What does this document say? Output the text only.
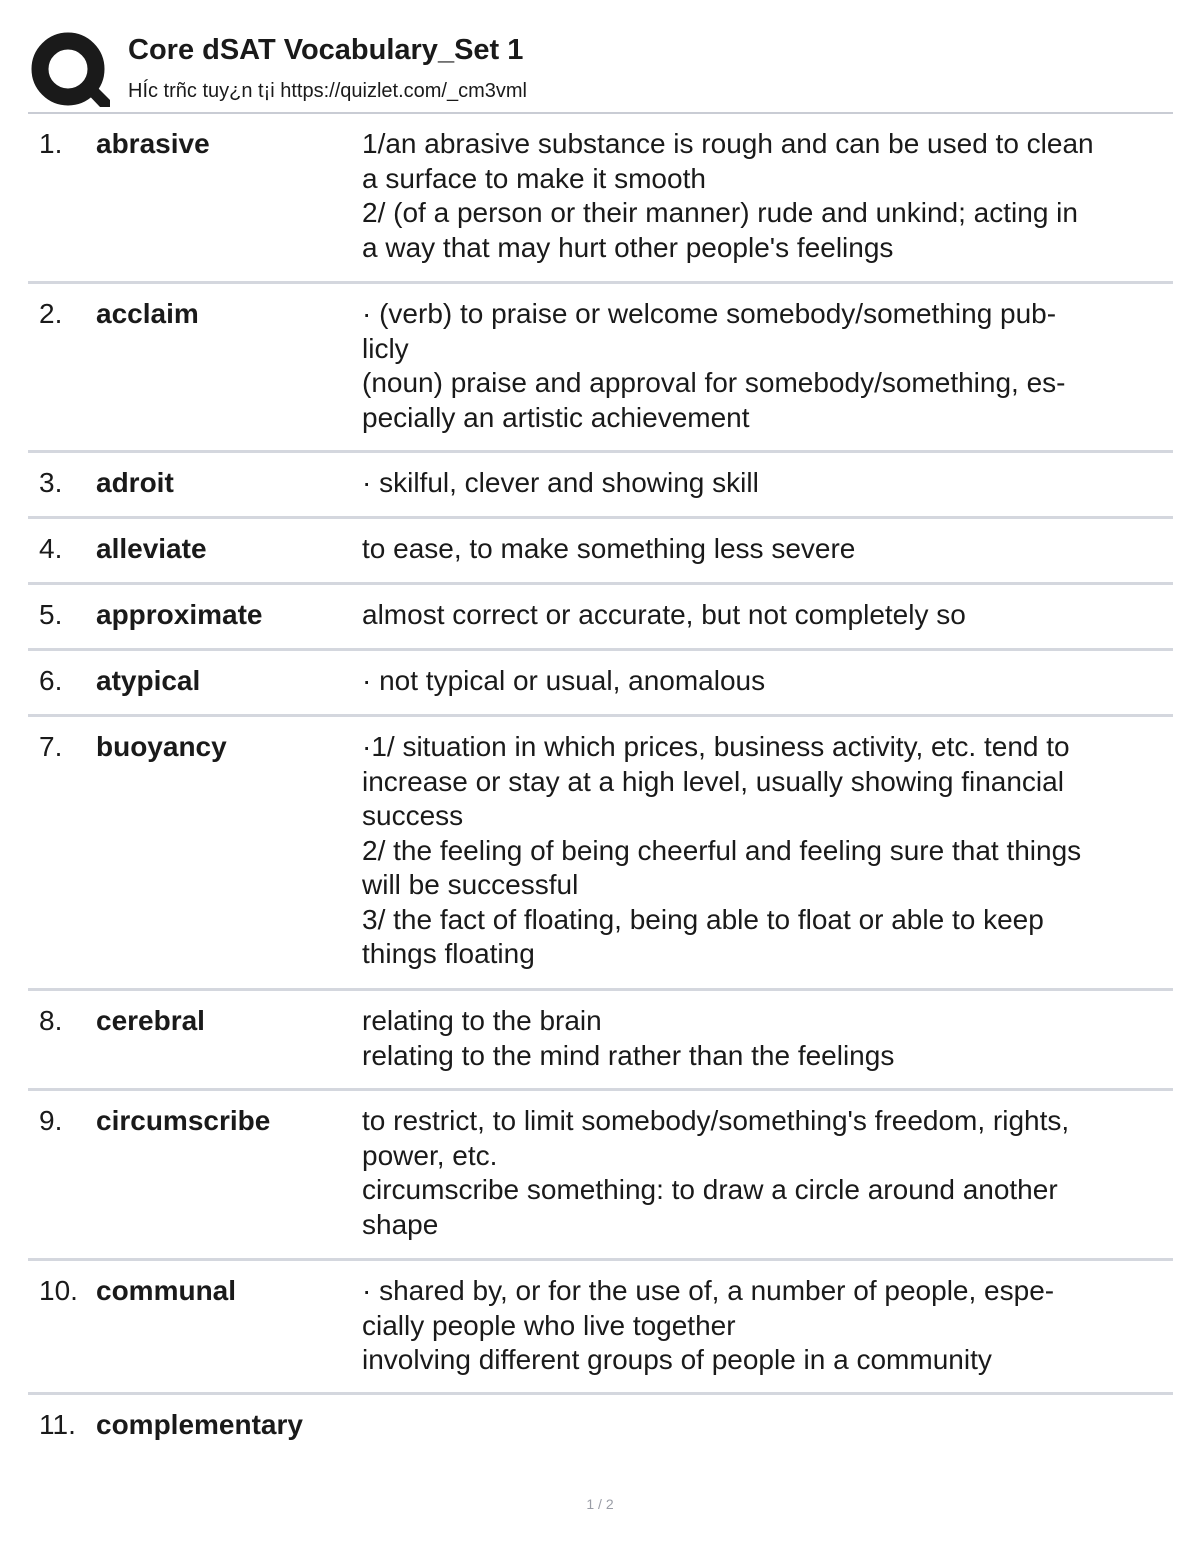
Core dSAT Vocabulary_Set 1
HÍc trñc tuy¿n t¡i https://quizlet.com/_cm3vml
1. abrasive	1/an abrasive substance is rough and can be used to clean
a surface to make it smooth
2/ (of a person or their manner) rude and unkind; acting in
a way that may hurt other people's feelings
2. acclaim	· (verb) to praise or welcome somebody/something pub-
licly
(noun) praise and approval for somebody/something, es-
pecially an artistic achievement
3. adroit	· skilful, clever and showing skill
4. alleviate	to ease, to make something less severe
5. approximate	almost correct or accurate, but not completely so
6. atypical	· not typical or usual, anomalous
7. buoyancy	·1/ situation in which prices, business activity, etc. tend to
increase or stay at a high level, usually showing financial
success
2/ the feeling of being cheerful and feeling sure that things
will be successful
3/ the fact of floating, being able to float or able to keep
things floating
8. cerebral	relating to the brain
relating to the mind rather than the feelings
9. circumscribe	to restrict, to limit somebody/something's freedom, rights,
power, etc.
circumscribe something: to draw a circle around another
shape
10. communal	· shared by, or for the use of, a number of people, espe-
cially people who live together
involving different groups of people in a community
11. complementary
1 / 2
